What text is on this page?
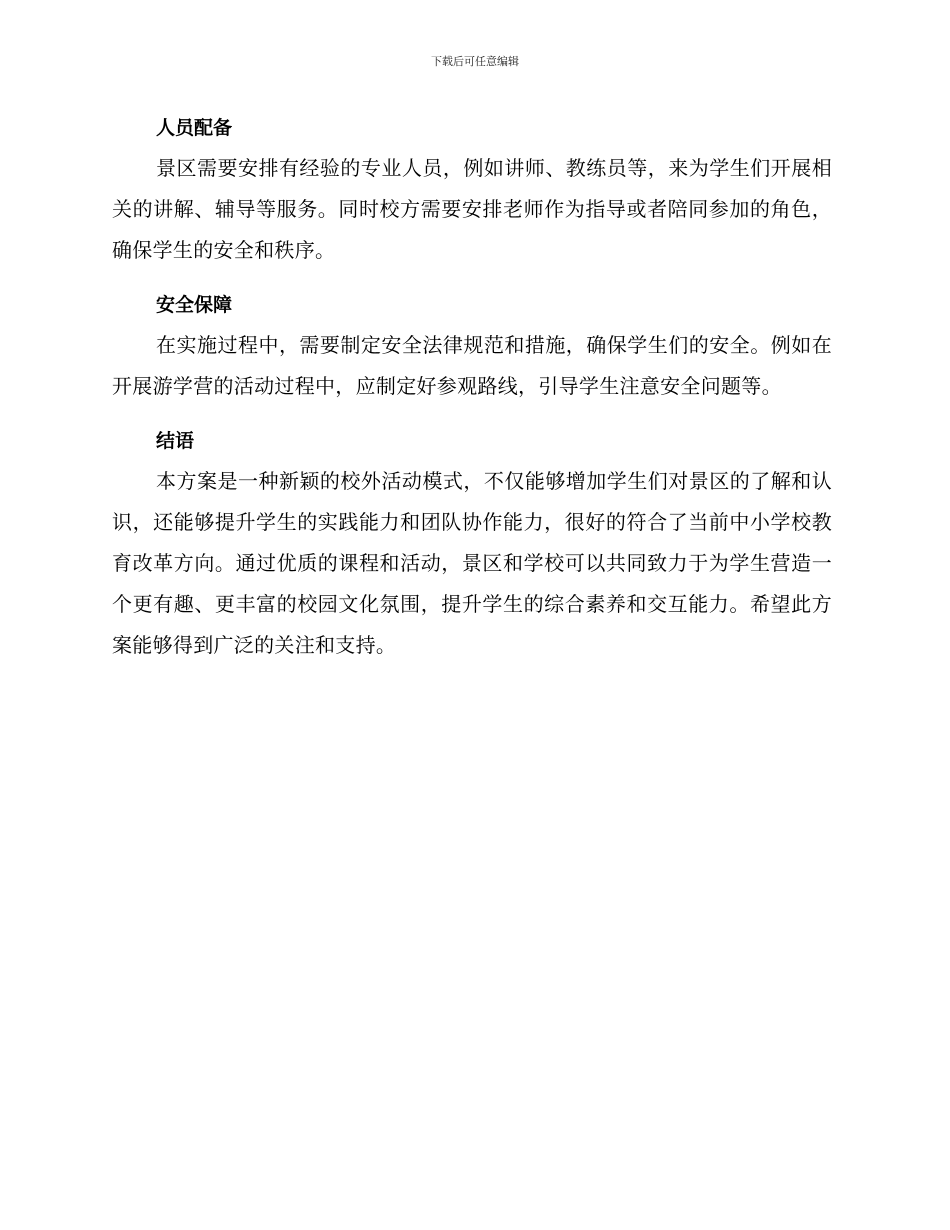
下载后可任意编辑
人员配备

景区需要安排有经验的专业人员，例如讲师、教练员等，来为学生们开展相关的讲解、辅导等服务。同时校方需要安排老师作为指导或者陪同参加的角色，确保学生的安全和秩序。

安全保障

在实施过程中，需要制定安全法律规范和措施，确保学生们的安全。例如在开展游学营的活动过程中，应制定好参观路线，引导学生注意安全问题等。

结语

本方案是一种新颖的校外活动模式，不仅能够增加学生们对景区的了解和认识，还能够提升学生的实践能力和团队协作能力，很好的符合了当前中小学校教育改革方向。通过优质的课程和活动，景区和学校可以共同致力于为学生营造一个更有趣、更丰富的校园文化氛围，提升学生的综合素养和交互能力。希望此方案能够得到广泛的关注和支持。
